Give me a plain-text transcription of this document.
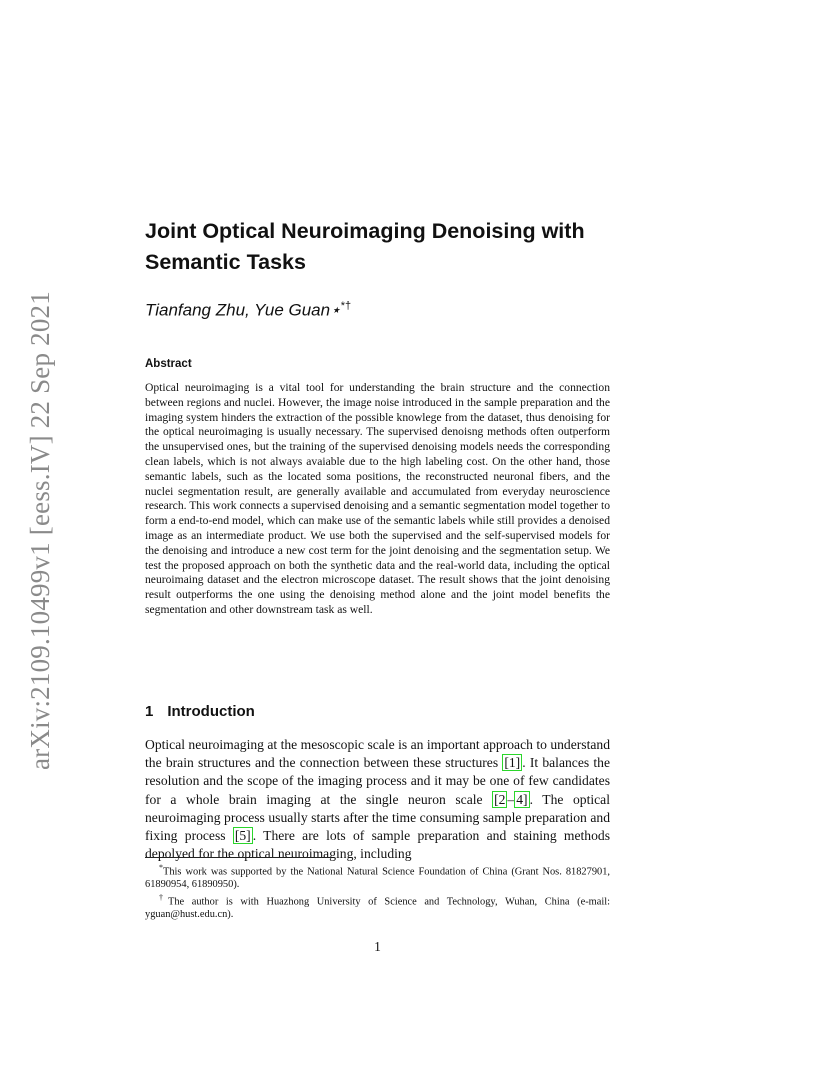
arXiv:2109.10499v1 [eess.IV] 22 Sep 2021
Joint Optical Neuroimaging Denoising with
Semantic Tasks
Tianfang Zhu, Yue Guan⋆*†
Abstract

Optical neuroimaging is a vital tool for understanding the brain structure and the connection between regions and nuclei. However, the image noise introduced in the sample preparation and the imaging system hinders the extraction of the possible knowlege from the dataset, thus denoising for the optical neuroimaging is usually necessary. The supervised denoisng methods often outperform the unsupervised ones, but the training of the supervised denoising models needs the corresponding clean labels, which is not always avaiable due to the high labeling cost. On the other hand, those semantic labels, such as the located soma positions, the reconstructed neuronal fibers, and the nuclei segmentation result, are generally available and accumulated from everyday neuroscience research. This work connects a supervised denoising and a semantic segmentation model together to form a end-to-end model, which can make use of the semantic labels while still provides a denoised image as an intermediate product. We use both the supervised and the self-supervised models for the denoising and introduce a new cost term for the joint denoising and the segmentation setup. We test the proposed approach on both the synthetic data and the real-world data, including the optical neuroimaing dataset and the electron microscope dataset. The result shows that the joint denoising result outperforms the one using the denoising method alone and the joint model benefits the segmentation and other downstream task as well.

1 Introduction

Optical neuroimaging at the mesoscopic scale is an important approach to understand the brain structures and the connection between these structures [1] . It balances the resolution and the scope of the imaging process and it may be one of few candidates for a whole brain imaging at the single neuron scale [2 – 4] . The optical neuroimaging process usually starts after the time consuming sample preparation and fixing process [5] . There are lots of sample preparation and staining methods depolyed for the optical neuroimaging, including

*This work was supported by the National Natural Science Foundation of China (Grant Nos. 81827901, 61890954, 61890950).

†The author is with Huazhong University of Science and Technology, Wuhan, China (e-mail: yguan@hust.edu.cn).

1
